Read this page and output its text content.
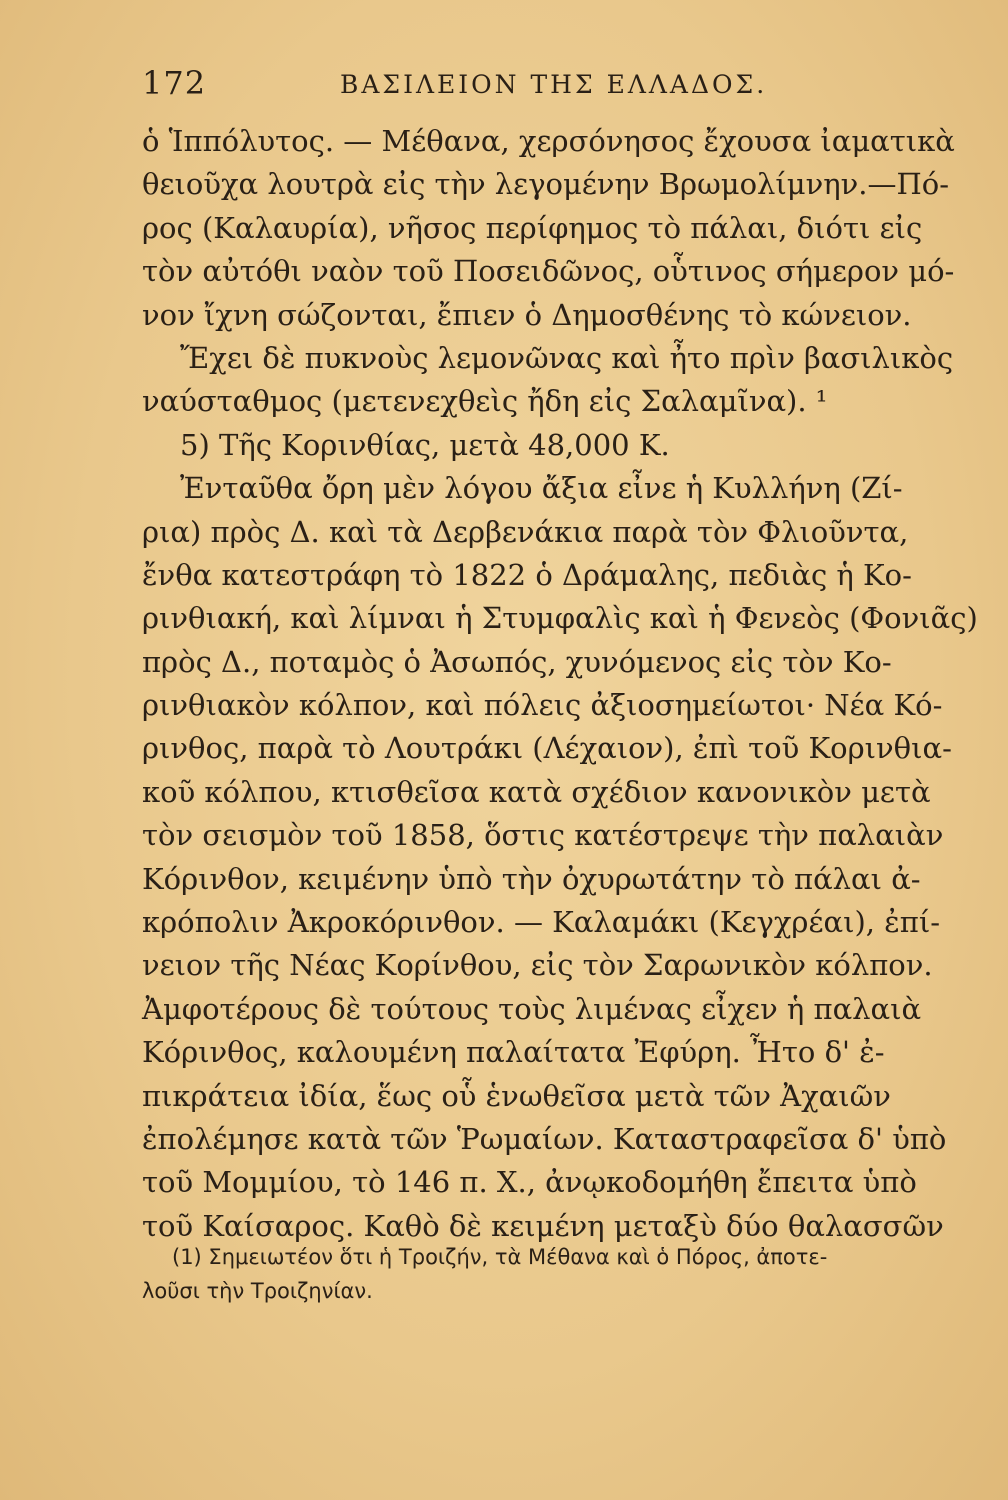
172	ΒΑΣΙΛΕΙΟΝ ΤΗΣ ΕΛΛΑΔΟΣ.
ὁ Ἱππόλυτος. — Μέθανα, χερσόνησος ἔχουσα ἰαματικὰ
θειοῦχα λουτρὰ εἰς τὴν λεγομένην Βρωμολίμνην.—Πό-
ρος (Καλαυρία), νῆσος περίφημος τὸ πάλαι, διότι εἰς
τὸν αὐτόθι ναὸν τοῦ Ποσειδῶνος, οὗτινος σήμερον μό-
νον ἴχνη σώζονται, ἔπιεν ὁ Δημοσθένης τὸ κώνειον.
Ἔχει δὲ πυκνοὺς λεμονῶνας καὶ ἦτο πρὶν βασιλικὸς
ναύσταθμος (μετενεχθεὶς ἤδη εἰς Σαλαμῖνα). ¹
5) Τῆς Κορινθίας, μετὰ 48,000 Κ.
Ἐνταῦθα ὄρη μὲν λόγου ἄξια εἶνε ἡ Κυλλήνη (Ζί-
ρια) πρὸς Δ. καὶ τὰ Δερβενάκια παρὰ τὸν Φλιοῦντα,
ἔνθα κατεστράφη τὸ 1822 ὁ Δράμαλης, πεδιὰς ἡ Κο-
ρινθιακή, καὶ λίμναι ἡ Στυμφαλὶς καὶ ἡ Φενεὸς (Φονιᾶς)
πρὸς Δ., ποταμὸς ὁ Ἀσωπός, χυνόμενος εἰς τὸν Κο-
ρινθιακὸν κόλπον, καὶ πόλεις ἀξιοσημείωτοι· Νέα Κό-
ρινθος, παρὰ τὸ Λουτράκι (Λέχαιον), ἐπὶ τοῦ Κορινθια-
κοῦ κόλπου, κτισθεῖσα κατὰ σχέδιον κανονικὸν μετὰ
τὸν σεισμὸν τοῦ 1858, ὅστις κατέστρεψε τὴν παλαιὰν
Κόρινθον, κειμένην ὑπὸ τὴν ὀχυρωτάτην τὸ πάλαι ἀ-
κρόπολιν Ἀκροκόρινθον. — Καλαμάκι (Κεγχρέαι), ἐπί-
νειον τῆς Νέας Κορίνθου, εἰς τὸν Σαρωνικὸν κόλπον.
Ἀμφοτέρους δὲ τούτους τοὺς λιμένας εἶχεν ἡ παλαιὰ
Κόρινθος, καλουμένη παλαίτατα Ἐφύρη. Ἦτο δ' ἐ-
πικράτεια ἰδία, ἕως οὗ ἑνωθεῖσα μετὰ τῶν Ἀχαιῶν
ἐπολέμησε κατὰ τῶν Ῥωμαίων. Καταστραφεῖσα δ' ὑπὸ
τοῦ Μομμίου, τὸ 146 π. Χ., ἀνῳκοδομήθη ἔπειτα ὑπὸ
τοῦ Καίσαρος. Καθὸ δὲ κειμένη μεταξὺ δύο θαλασσῶν
(1) Σημειωτέον ὅτι ἡ Τροιζήν, τὰ Μέθανα καὶ ὁ Πόρος, ἀποτε-
λοῦσι τὴν Τροιζηνίαν.
